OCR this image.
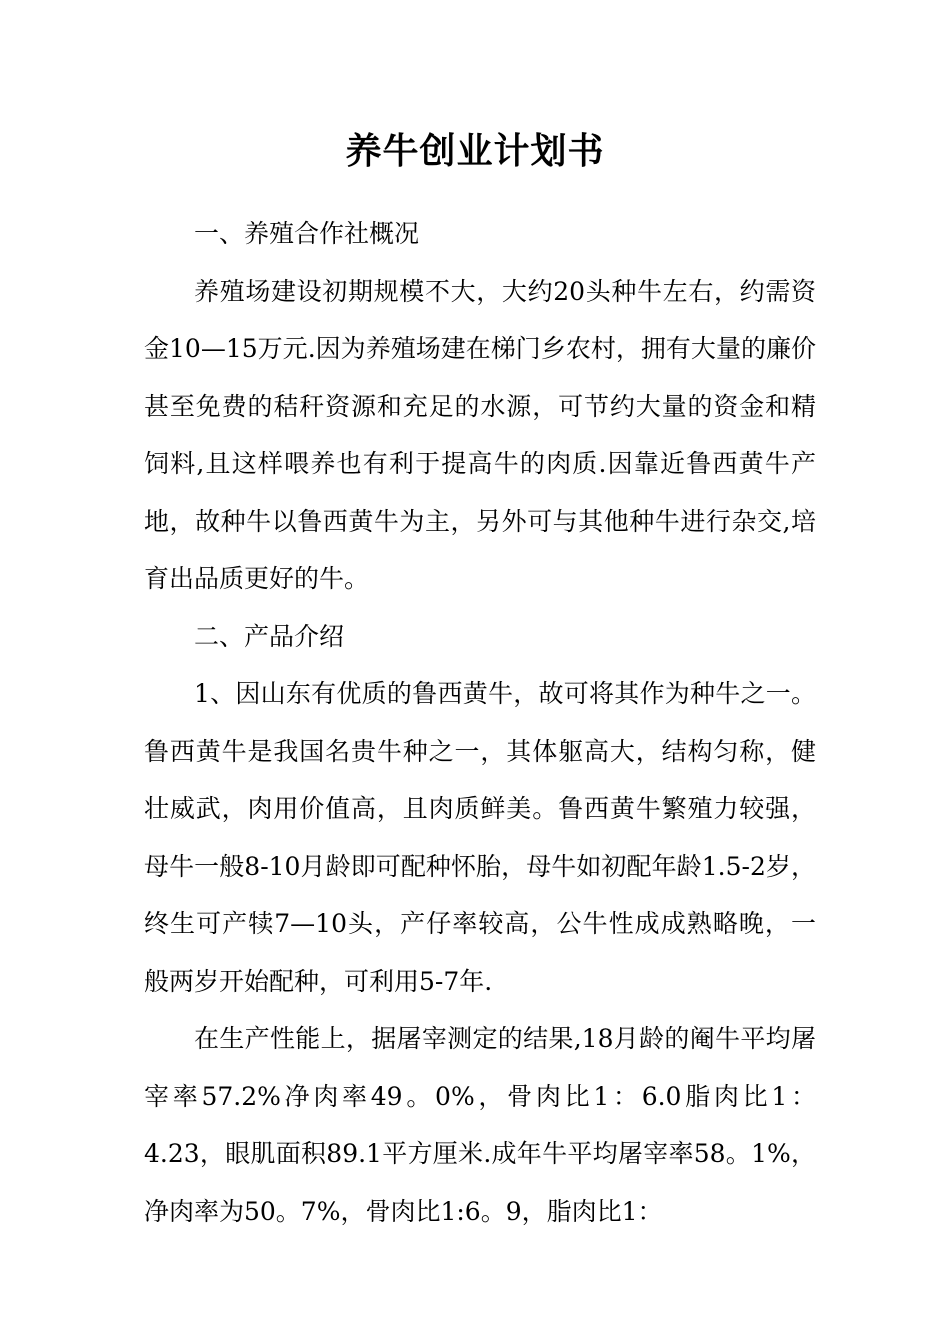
养牛创业计划书
一、养殖合作社概况

养殖场建设初期规模不大，大约20头种牛左右，约需资金10—15万元.因为养殖场建在梯门乡农村，拥有大量的廉价甚至免费的秸秆资源和充足的水源，可节约大量的资金和精饲料,且这样喂养也有利于提高牛的肉质.因靠近鲁西黄牛产地，故种牛以鲁西黄牛为主，另外可与其他种牛进行杂交,培育出品质更好的牛。

二、产品介绍

1、因山东有优质的鲁西黄牛，故可将其作为种牛之一。鲁西黄牛是我国名贵牛种之一，其体躯高大，结构匀称，健壮威武，肉用价值高，且肉质鲜美。鲁西黄牛繁殖力较强，母牛一般8-10月龄即可配种怀胎，母牛如初配年龄1.5-2岁，终生可产犊7—10头，产仔率较高，公牛性成成熟略晚，一般两岁开始配种，可利用5-7年.

在生产性能上，据屠宰测定的结果,18月龄的阉牛平均屠宰率57.2%净肉率49。0%，骨肉比1：6.0脂肉比1：4.23，眼肌面积89.1平方厘米.成年牛平均屠宰率58。1%，净肉率为50。7%，骨肉比1:6。9，脂肉比1：
